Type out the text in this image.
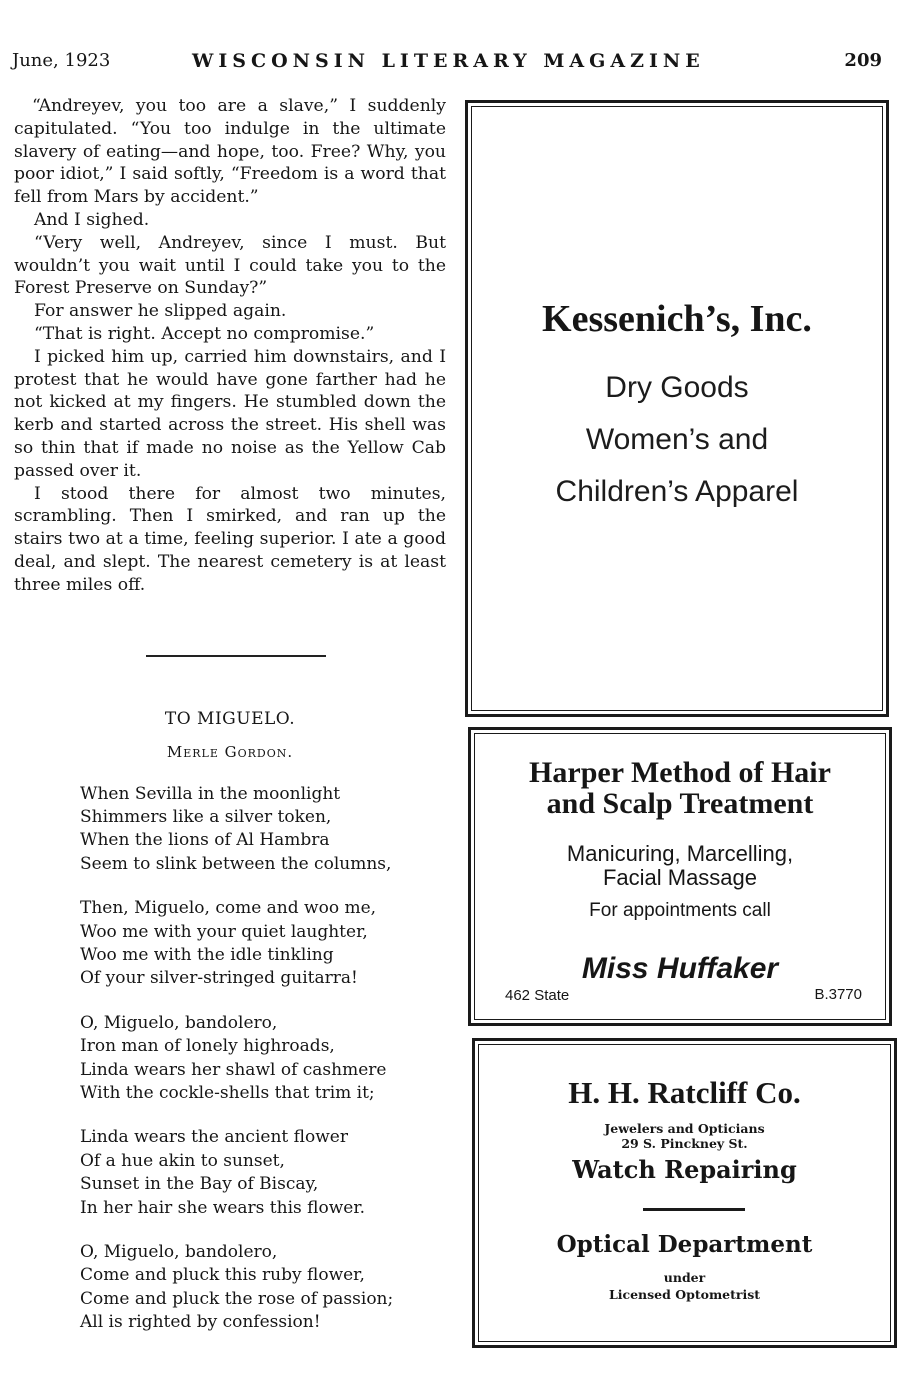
June, 1923	WISCONSIN LITERARY MAGAZINE	209

“Andreyev, you too are a slave,” I suddenly capitulated. “You too indulge in the ultimate slavery of eating—and hope, too. Free? Why, you poor idiot,” I said softly, “Freedom is a word that fell from Mars by accident.”

And I sighed.

“Very well, Andreyev, since I must. But wouldn’t you wait until I could take you to the Forest Preserve on Sunday?”

For answer he slipped again.

“That is right. Accept no compromise.”

I picked him up, carried him downstairs, and I protest that he would have gone farther had he not kicked at my fingers. He stumbled down the kerb and started across the street. His shell was so thin that if made no noise as the Yellow Cab passed over it.

I stood there for almost two minutes, scrambling. Then I smirked, and ran up the stairs two at a time, feeling superior. I ate a good deal, and slept. The nearest cemetery is at least three miles off.

TO MIGUELO.
Merle Gordon.
When Sevilla in the moonlight
Shimmers like a silver token,
When the lions of Al Hambra
Seem to slink between the columns,
Then, Miguelo, come and woo me,
Woo me with your quiet laughter,
Woo me with the idle tinkling
Of your silver-stringed guitarra!
O, Miguelo, bandolero,
Iron man of lonely highroads,
Linda wears her shawl of cashmere
With the cockle-shells that trim it;
Linda wears the ancient flower
Of a hue akin to sunset,
Sunset in the Bay of Biscay,
In her hair she wears this flower.
O, Miguelo, bandolero,
Come and pluck this ruby flower,
Come and pluck the rose of passion;
All is righted by confession!
Kessenich’s, Inc.
Dry Goods
Women’s and
Children’s Apparel
Harper Method of Hair
and Scalp Treatment
Manicuring, Marcelling,
Facial Massage
For appointments call
Miss Huffaker
462 State	B.3770
H. H. Ratcliff Co.
Jewelers and Opticians
29 S. Pinckney St.
Watch Repairing
Optical Department
under
Licensed Optometrist
